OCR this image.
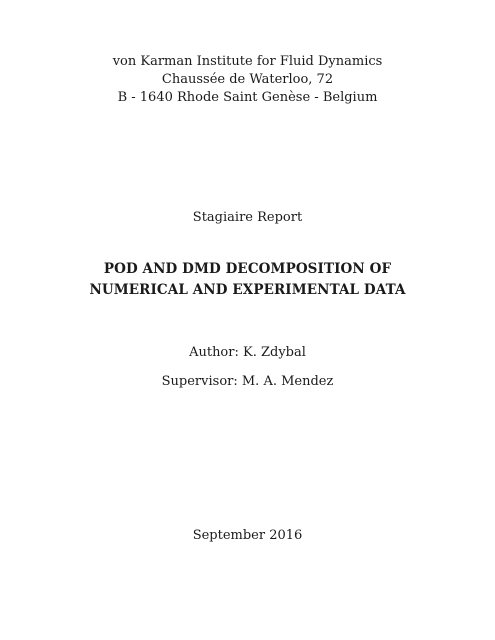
von Karman Institute for Fluid Dynamics
Chaussée de Waterloo, 72
B - 1640 Rhode Saint Genèse - Belgium
Stagiaire Report
POD AND DMD DECOMPOSITION OF
NUMERICAL AND EXPERIMENTAL DATA
Author: K. Zdybal
Supervisor: M. A. Mendez
September 2016
